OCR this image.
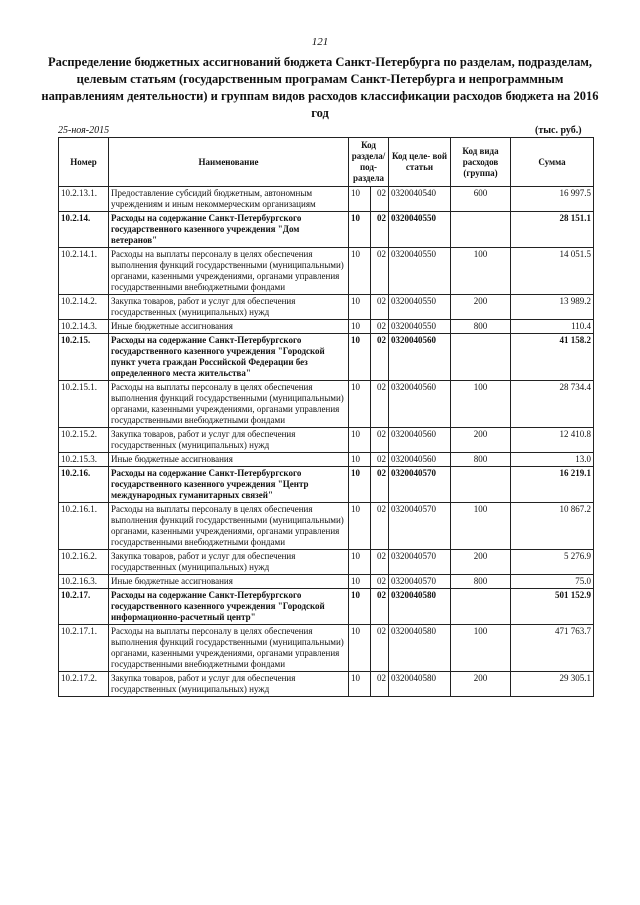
121
Распределение бюджетных ассигнований бюджета Санкт-Петербурга по разделам, подразделам, целевым статьям (государственным програмам Санкт-Петербурга и непрограммным направлениям деятельности) и группам видов расходов классификации расходов бюджета на 2016 год
25-ноя-2015	(тыс. руб.)
Номер	Наименование	Код раздела/ под- раздела		Код целе- вой статьи	Код вида расходов (группа)	Сумма
10.2.13.1.	Предоставление субсидий бюджетным, автономным учреждениям и иным некоммерческим организациям	10	02	0320040540	600	16 997.5
10.2.14.	Расходы на содержание Санкт-Петербургского государственного казенного учреждения "Дом ветеранов"	10	02	0320040550		28 151.1
10.2.14.1.	Расходы на выплаты персоналу в целях обеспечения выполнения функций государственными (муниципальными) органами, казенными учреждениями, органами управления государственными внебюджетными фондами	10	02	0320040550	100	14 051.5
10.2.14.2.	Закупка товаров, работ и услуг для обеспечения государственных (муниципальных) нужд	10	02	0320040550	200	13 989.2
10.2.14.3.	Иные бюджетные ассигнования	10	02	0320040550	800	110.4
10.2.15.	Расходы на содержание Санкт-Петербургского государственного казенного учреждения "Городской пункт учета граждан Российской Федерации без определенного места жительства"	10	02	0320040560		41 158.2
10.2.15.1.	Расходы на выплаты персоналу в целях обеспечения выполнения функций государственными (муниципальными) органами, казенными учреждениями, органами управления государственными внебюджетными фондами	10	02	0320040560	100	28 734.4
10.2.15.2.	Закупка товаров, работ и услуг для обеспечения государственных (муниципальных) нужд	10	02	0320040560	200	12 410.8
10.2.15.3.	Иные бюджетные ассигнования	10	02	0320040560	800	13.0
10.2.16.	Расходы на содержание Санкт-Петербургского государственного казенного учреждения "Центр международных гуманитарных связей"	10	02	0320040570		16 219.1
10.2.16.1.	Расходы на выплаты персоналу в целях обеспечения выполнения функций государственными (муниципальными) органами, казенными учреждениями, органами управления государственными внебюджетными фондами	10	02	0320040570	100	10 867.2
10.2.16.2.	Закупка товаров, работ и услуг для обеспечения государственных (муниципальных) нужд	10	02	0320040570	200	5 276.9
10.2.16.3.	Иные бюджетные ассигнования	10	02	0320040570	800	75.0
10.2.17.	Расходы на содержание Санкт-Петербургского государственного казенного учреждения "Городской информационно-расчетный центр"	10	02	0320040580		501 152.9
10.2.17.1.	Расходы на выплаты персоналу в целях обеспечения выполнения функций государственными (муниципальными) органами, казенными учреждениями, органами управления государственными внебюджетными фондами	10	02	0320040580	100	471 763.7
10.2.17.2.	Закупка товаров, работ и услуг для обеспечения государственных (муниципальных) нужд	10	02	0320040580	200	29 305.1
